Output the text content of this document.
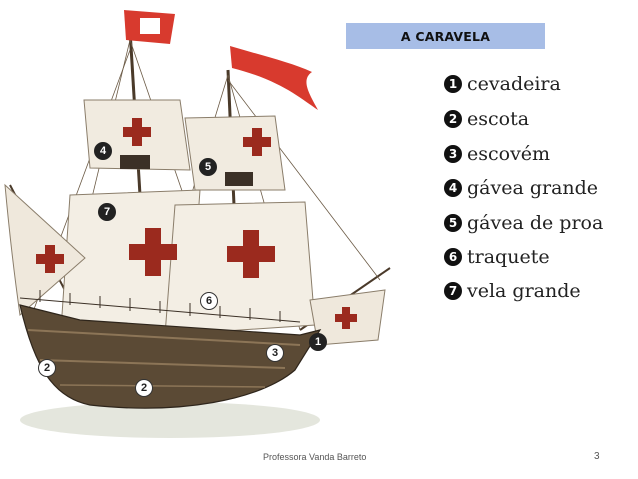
4
5
7
6
3
1
2
2
A CARAVELA
1 cevadeira
2 escota
3 escovém
4 gávea grande
5 gávea de proa
6 traquete
7 vela grande
Professora Vanda Barreto	3
